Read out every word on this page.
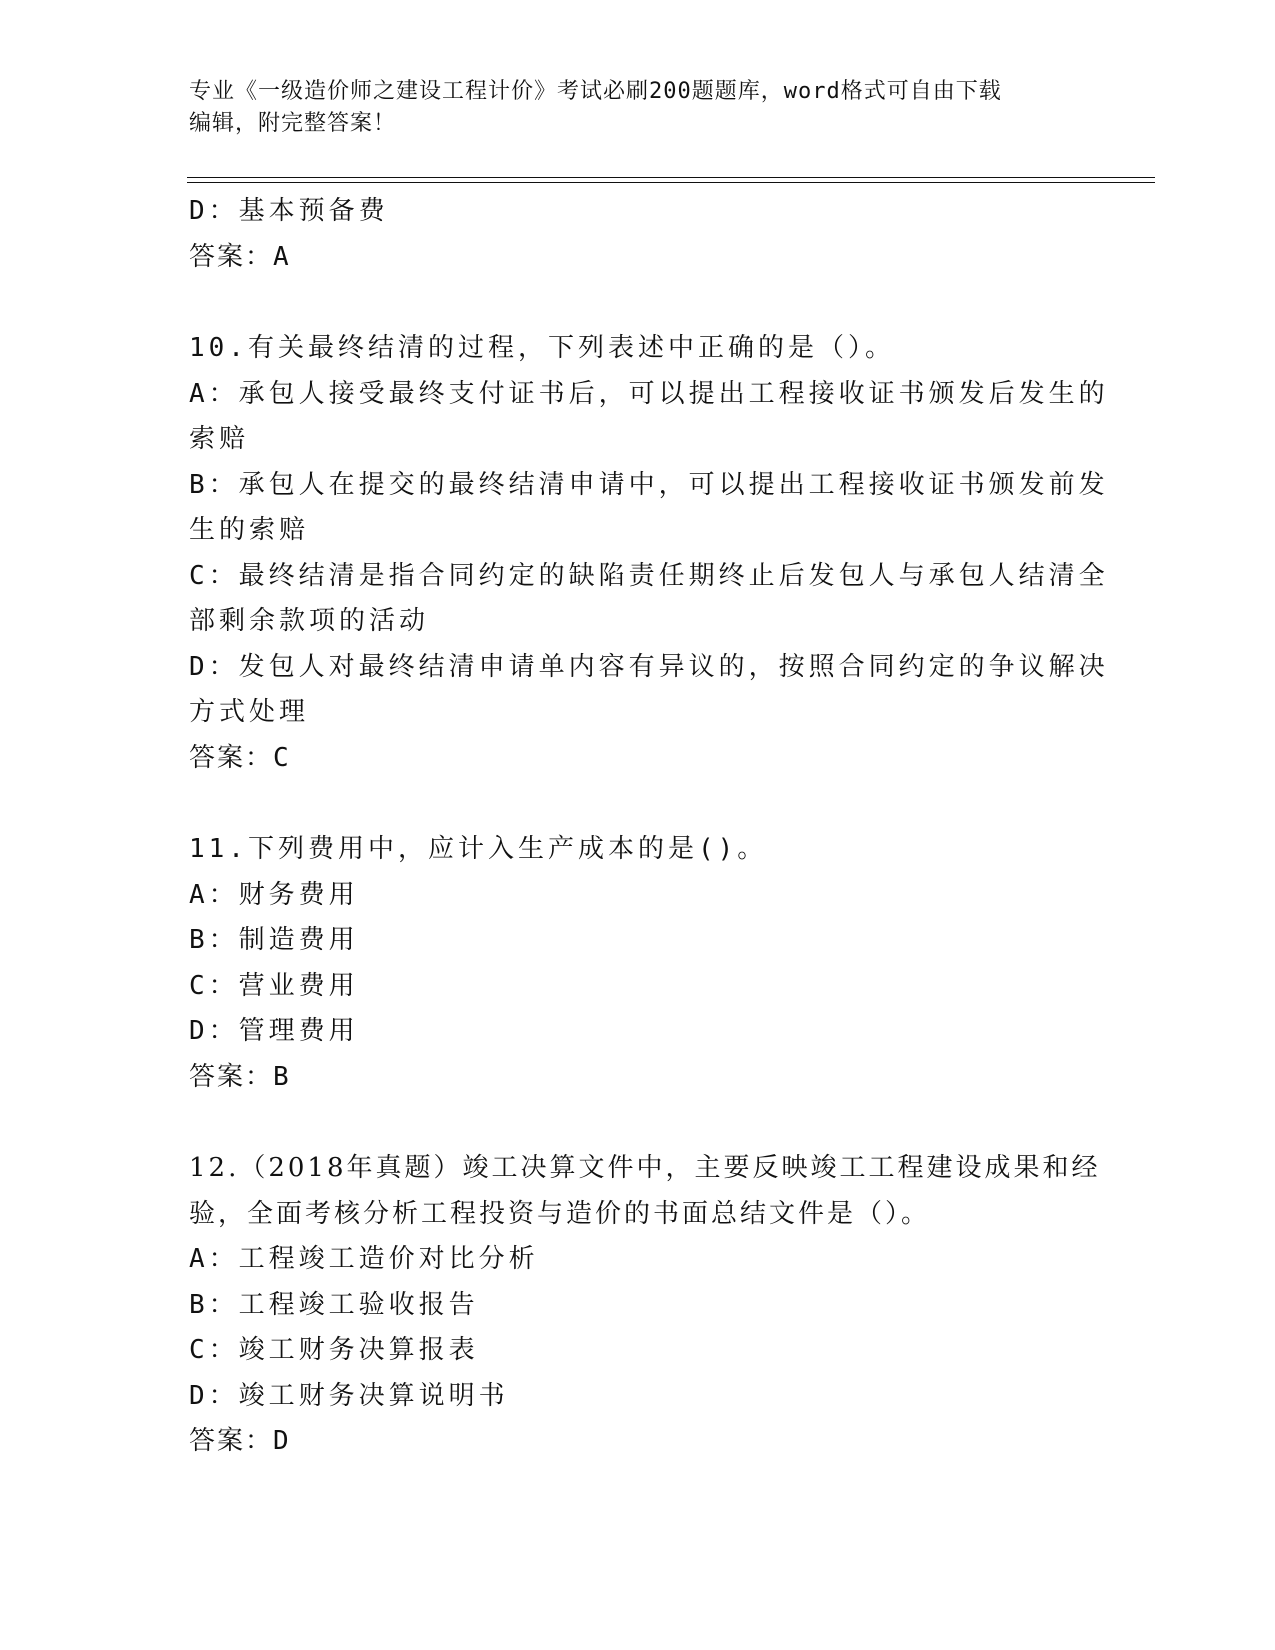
专业《一级造价师之建设工程计价》考试必刷200题题库，word格式可自由下载
编辑，附完整答案！
D：基本预备费
答案：A
10.有关最终结清的过程，下列表述中正确的是（）。
A：承包人接受最终支付证书后，可以提出工程接收证书颁发后发生的
索赔
B：承包人在提交的最终结清申请中，可以提出工程接收证书颁发前发
生的索赔
C：最终结清是指合同约定的缺陷责任期终止后发包人与承包人结清全
部剩余款项的活动
D：发包人对最终结清申请单内容有异议的，按照合同约定的争议解决
方式处理
答案：C
11.下列费用中，应计入生产成本的是()。
A：财务费用
B：制造费用
C：营业费用
D：管理费用
答案：B
12.（2018年真题）竣工决算文件中，主要反映竣工工程建设成果和经
验，全面考核分析工程投资与造价的书面总结文件是（）。
A：工程竣工造价对比分析
B：工程竣工验收报告
C：竣工财务决算报表
D：竣工财务决算说明书
答案：D
